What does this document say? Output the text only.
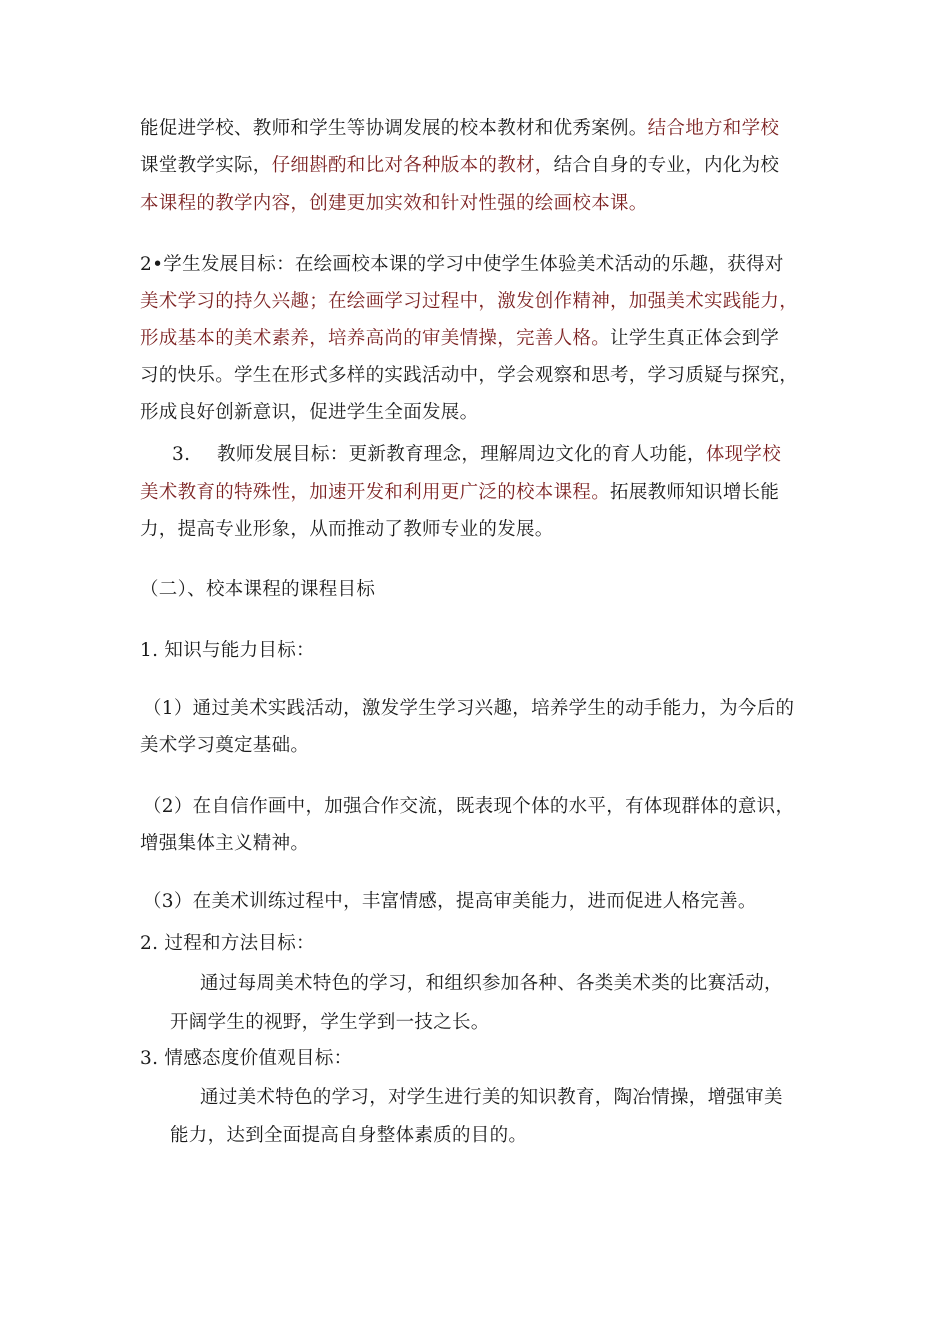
能促进学校、教师和学生等协调发展的校本教材和优秀案例。结合地方和学校
课堂教学实际，仔细斟酌和比对各种版本的教材，结合自身的专业，内化为校
本课程的教学内容，创建更加实效和针对性强的绘画校本课。
2•学生发展目标：在绘画校本课的学习中使学生体验美术活动的乐趣，获得对
美术学习的持久兴趣；在绘画学习过程中，激发创作精神，加强美术实践能力，
形成基本的美术素养，培养高尚的审美情操，完善人格。让学生真正体会到学
习的快乐。学生在形式多样的实践活动中，学会观察和思考，学习质疑与探究，
形成良好创新意识，促进学生全面发展。
3. 教师发展目标：更新教育理念，理解周边文化的育人功能，体现学校
美术教育的特殊性，加速开发和利用更广泛的校本课程。拓展教师知识增长能
力，提高专业形象，从而推动了教师专业的发展。
（二）、校本课程的课程目标
1. 知识与能力目标：
（1）通过美术实践活动，激发学生学习兴趣，培养学生的动手能力，为今后的
美术学习奠定基础。
（2）在自信作画中，加强合作交流，既表现个体的水平，有体现群体的意识，
增强集体主义精神。
（3）在美术训练过程中，丰富情感，提高审美能力，进而促进人格完善。
2. 过程和方法目标：
通过每周美术特色的学习，和组织参加各种、各类美术类的比赛活动，
开阔学生的视野，学生学到一技之长。
3. 情感态度价值观目标：
通过美术特色的学习，对学生进行美的知识教育，陶冶情操，增强审美
能力，达到全面提高自身整体素质的目的。
